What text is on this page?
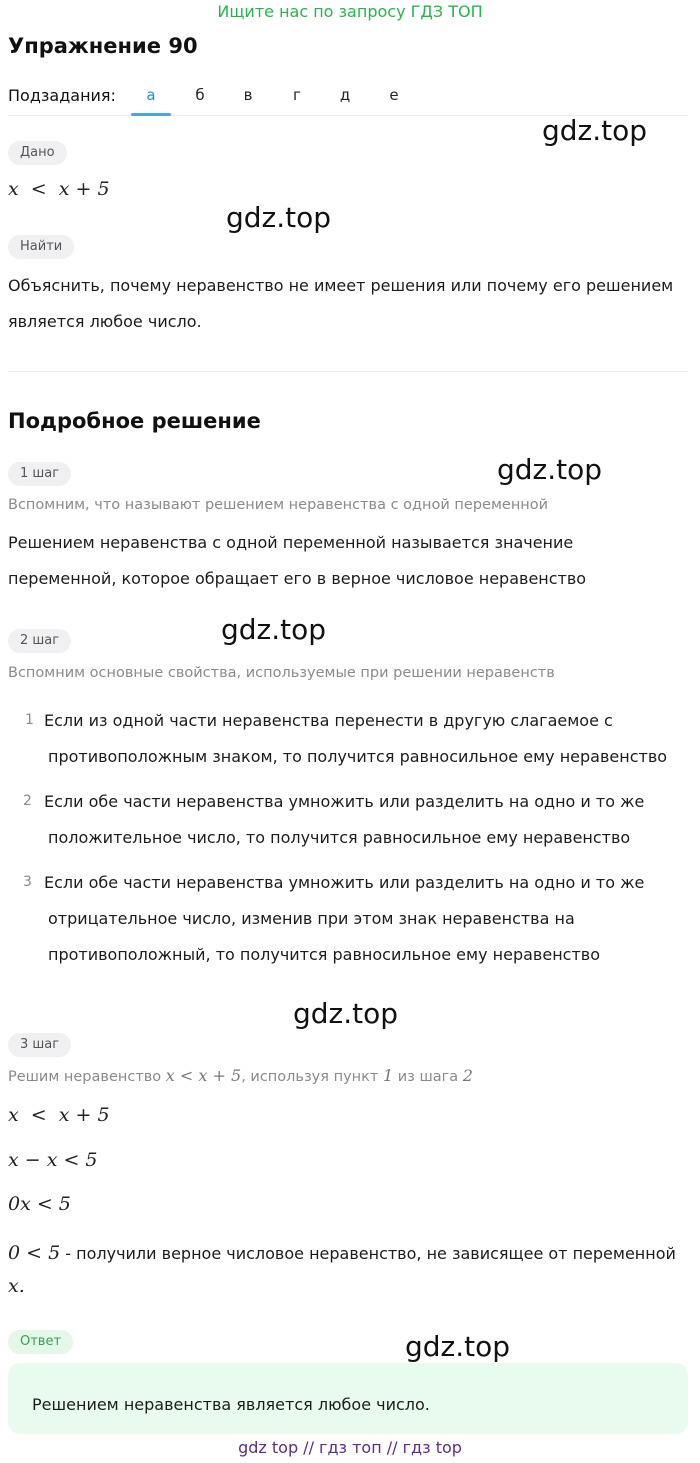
Ищите нас по запросу ГДЗ ТОП
Упражнение 90
Подзадания:	а	б	в	г	д	е
gdz.top
Дано
x  <  x + 5
gdz.top
Найти
Объяснить, почему неравенство не имеет решения или почему его решением
является любое число.
Подробное решение
1 шаг	gdz.top
Вспомним, что называют решением неравенства с одной переменной
Решением неравенства с одной переменной называется значение
переменной, которое обращает его в верное числовое неравенство
2 шаг	gdz.top
Вспомним основные свойства, используемые при решении неравенств
1 Если из одной части неравенства перенести в другую слагаемое с
противоположным знаком, то получится равносильное ему неравенство
2 Если обе части неравенства умножить или разделить на одно и то же
положительное число, то получится равносильное ему неравенство
3 Если обе части неравенства умножить или разделить на одно и то же
отрицательное число, изменив при этом знак неравенства на
противоположный, то получится равносильное ему неравенство
gdz.top
3 шаг
Решим неравенство x < x + 5, используя пункт 1 из шага 2
x  <  x + 5
x − x < 5
0x < 5
0 < 5 - получили верное числовое неравенство, не зависящее от переменной
x.
Ответ	gdz.top
Решением неравенства является любое число.
gdz top // гдз топ // гдз top
